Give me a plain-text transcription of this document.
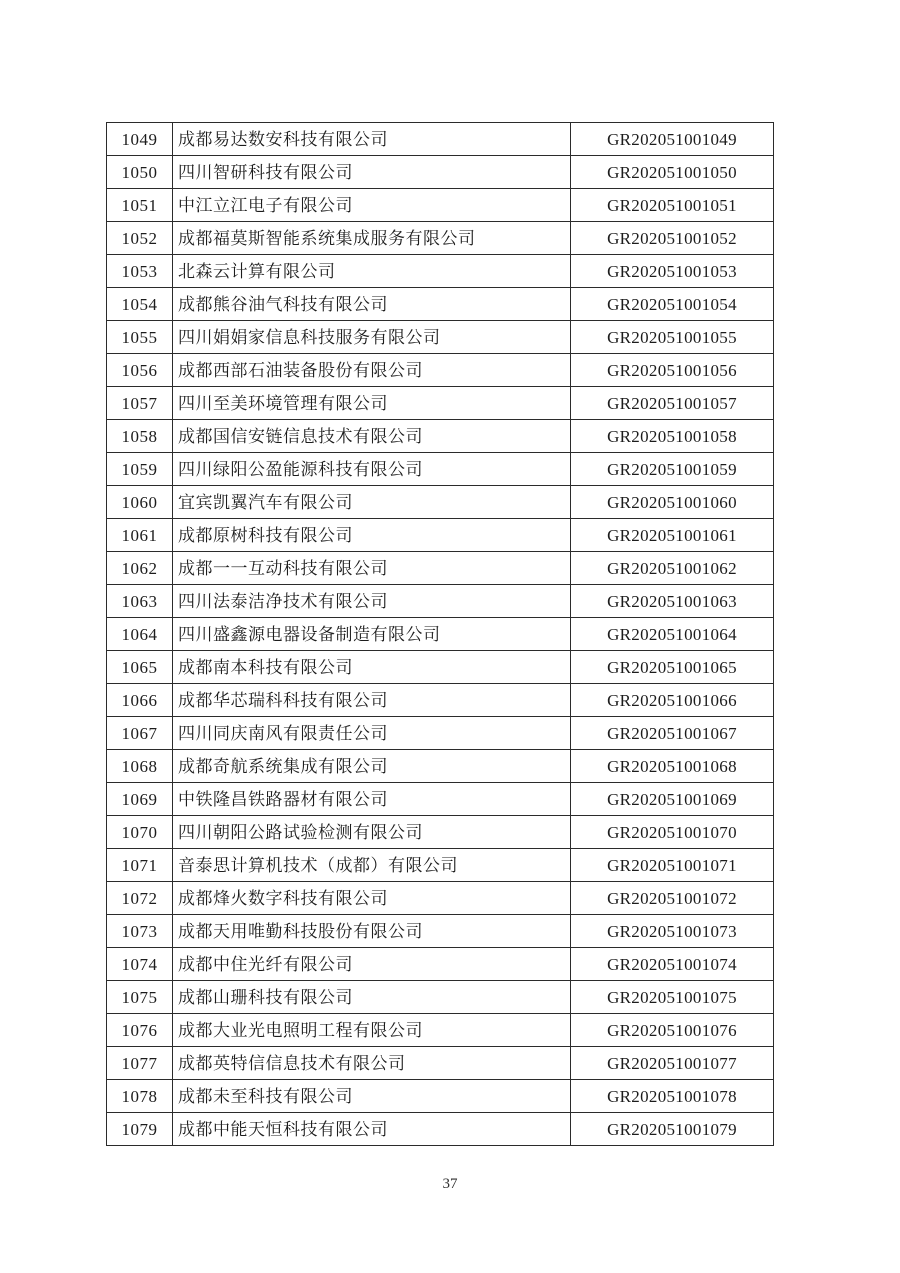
1049	成都易达数安科技有限公司	GR202051001049
1050	四川智研科技有限公司	GR202051001050
1051	中江立江电子有限公司	GR202051001051
1052	成都福莫斯智能系统集成服务有限公司	GR202051001052
1053	北森云计算有限公司	GR202051001053
1054	成都熊谷油气科技有限公司	GR202051001054
1055	四川娟娟家信息科技服务有限公司	GR202051001055
1056	成都西部石油装备股份有限公司	GR202051001056
1057	四川至美环境管理有限公司	GR202051001057
1058	成都国信安链信息技术有限公司	GR202051001058
1059	四川绿阳公盈能源科技有限公司	GR202051001059
1060	宜宾凯翼汽车有限公司	GR202051001060
1061	成都原树科技有限公司	GR202051001061
1062	成都一一互动科技有限公司	GR202051001062
1063	四川法泰洁净技术有限公司	GR202051001063
1064	四川盛鑫源电器设备制造有限公司	GR202051001064
1065	成都南本科技有限公司	GR202051001065
1066	成都华芯瑞科科技有限公司	GR202051001066
1067	四川同庆南风有限责任公司	GR202051001067
1068	成都奇航系统集成有限公司	GR202051001068
1069	中铁隆昌铁路器材有限公司	GR202051001069
1070	四川朝阳公路试验检测有限公司	GR202051001070
1071	音泰思计算机技术（成都）有限公司	GR202051001071
1072	成都烽火数字科技有限公司	GR202051001072
1073	成都天用唯勤科技股份有限公司	GR202051001073
1074	成都中住光纤有限公司	GR202051001074
1075	成都山珊科技有限公司	GR202051001075
1076	成都大业光电照明工程有限公司	GR202051001076
1077	成都英特信信息技术有限公司	GR202051001077
1078	成都未至科技有限公司	GR202051001078
1079	成都中能天恒科技有限公司	GR202051001079
37
